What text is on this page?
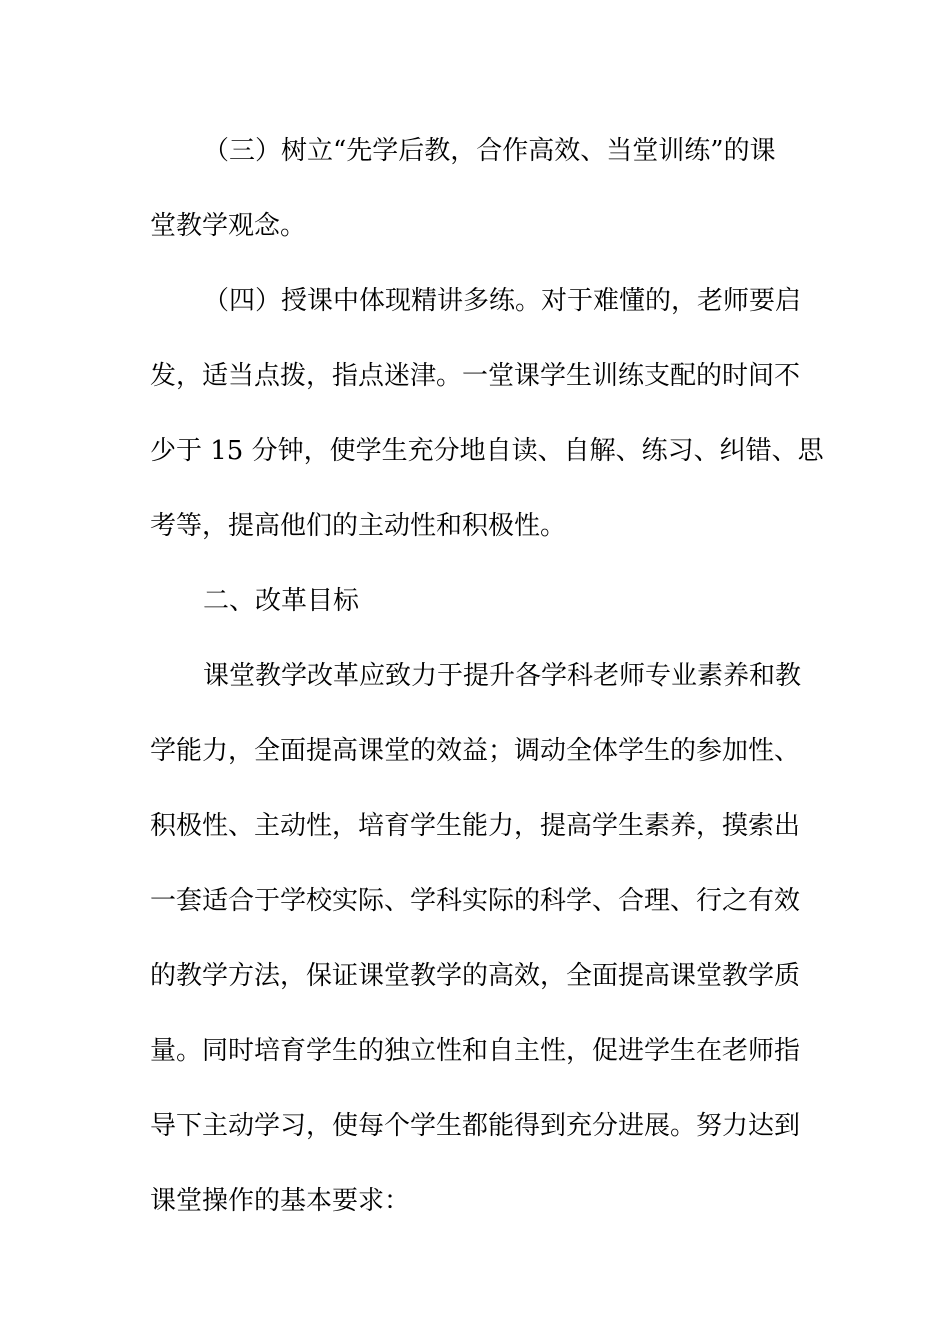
（三）树立“先学后教，合作高效、当堂训练”的课
堂教学观念。
（四）授课中体现精讲多练。对于难懂的，老师要启
发，适当点拨，指点迷津。一堂课学生训练支配的时间不
少于 15 分钟，使学生充分地自读、自解、练习、纠错、思
考等，提高他们的主动性和积极性。
二、改革目标
课堂教学改革应致力于提升各学科老师专业素养和教
学能力，全面提高课堂的效益；调动全体学生的参加性、
积极性、主动性，培育学生能力，提高学生素养，摸索出
一套适合于学校实际、学科实际的科学、合理、行之有效
的教学方法，保证课堂教学的高效，全面提高课堂教学质
量。同时培育学生的独立性和自主性，促进学生在老师指
导下主动学习，使每个学生都能得到充分进展。努力达到
课堂操作的基本要求：
